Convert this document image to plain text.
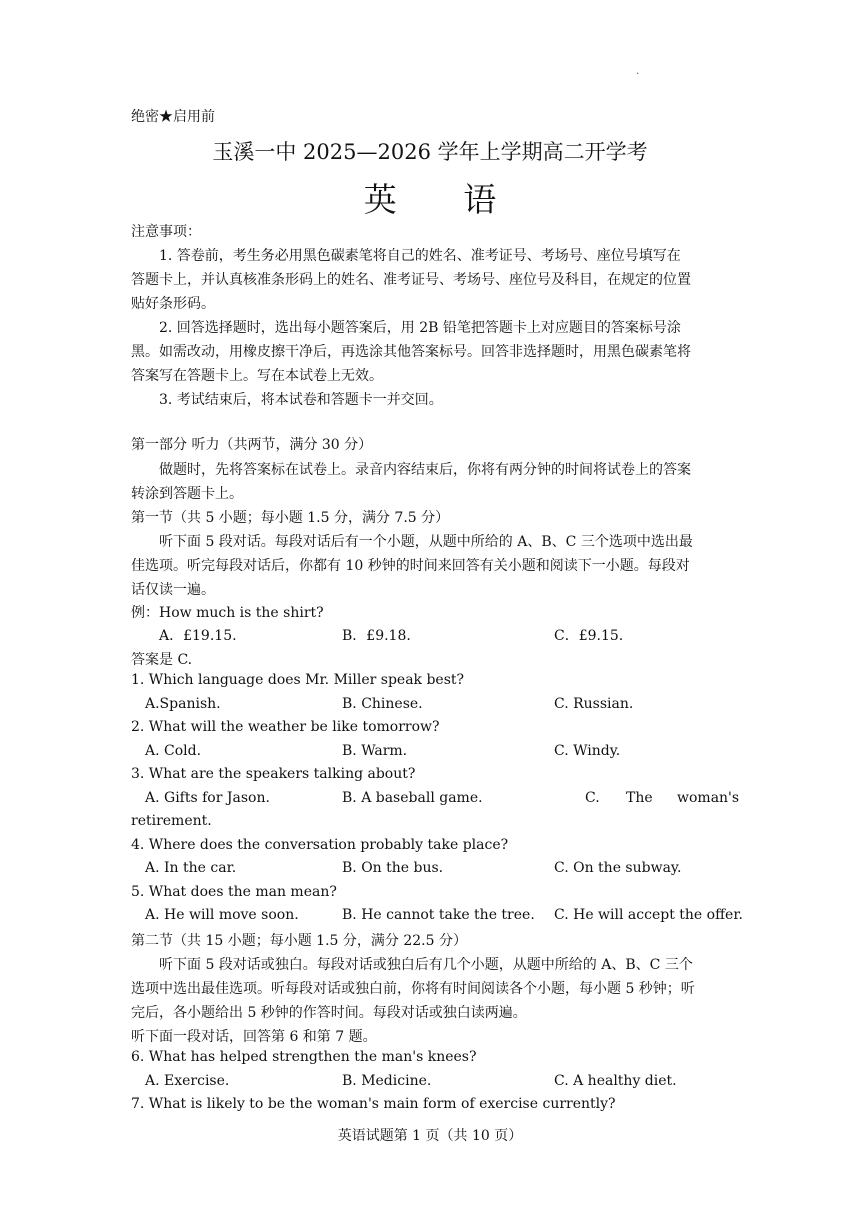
.
绝密★启用前
玉溪一中 2025—2026 学年上学期高二开学考
英 语
注意事项：
1. 答卷前，考生务必用黑色碳素笔将自己的姓名、准考证号、考场号、座位号填写在
答题卡上，并认真核准条形码上的姓名、准考证号、考场号、座位号及科目，在规定的位置
贴好条形码。
2. 回答选择题时，选出每小题答案后，用 2B 铅笔把答题卡上对应题目的答案标号涂
黑。如需改动，用橡皮擦干净后，再选涂其他答案标号。回答非选择题时，用黑色碳素笔将
答案写在答题卡上。写在本试卷上无效。
3. 考试结束后，将本试卷和答题卡一并交回。
第一部分 听力（共两节，满分 30 分）
做题时，先将答案标在试卷上。录音内容结束后，你将有两分钟的时间将试卷上的答案
转涂到答题卡上。
第一节（共 5 小题；每小题 1.5 分，满分 7.5 分）
听下面 5 段对话。每段对话后有一个小题，从题中所给的 A、B、C 三个选项中选出最
佳选项。听完每段对话后，你都有 10 秒钟的时间来回答有关小题和阅读下一小题。每段对
话仅读一遍。
例：How much is the shirt?
A．£19.15.	B．£9.18.	C．£9.15.
答案是 C.
1. Which language does Mr. Miller speak best?
A.Spanish.	B. Chinese.	C. Russian.
2. What will the weather be like tomorrow?
A. Cold.	B. Warm.	C. Windy.
3. What are the speakers talking about?
A. Gifts for Jason.	B. A baseball game.	C. The woman's
retirement.
4. Where does the conversation probably take place?
A. In the car.	B. On the bus.	C. On the subway.
5. What does the man mean?
A. He will move soon.	B. He cannot take the tree. C. He will accept the offer.
第二节（共 15 小题；每小题 1.5 分，满分 22.5 分）
听下面 5 段对话或独白。每段对话或独白后有几个小题，从题中所给的 A、B、C 三个
选项中选出最佳选项。听每段对话或独白前，你将有时间阅读各个小题，每小题 5 秒钟；听
完后，各小题给出 5 秒钟的作答时间。每段对话或独白读两遍。
听下面一段对话，回答第 6 和第 7 题。
6. What has helped strengthen the man's knees?
A. Exercise.	B. Medicine.	C. A healthy diet.
7. What is likely to be the woman's main form of exercise currently?
英语试题第 1 页（共 10 页）
